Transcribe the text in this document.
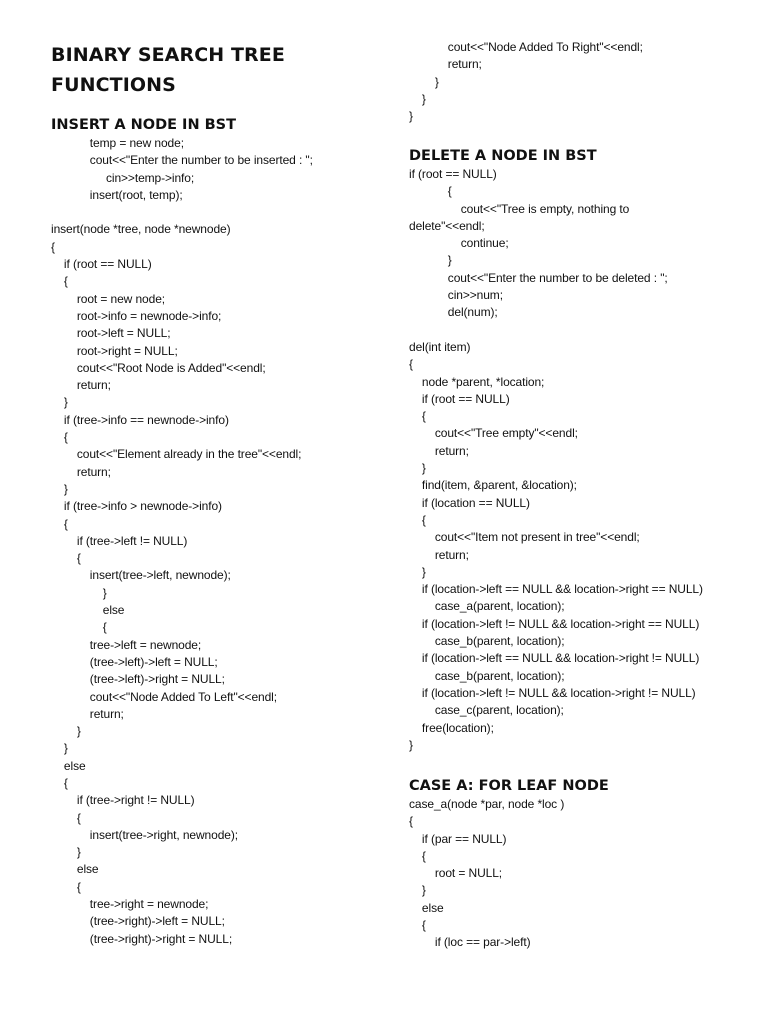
BINARY SEARCH TREE
FUNCTIONS
INSERT A NODE IN BST
temp = new node;
cout<<"Enter the number to be inserted : ";
cin>>temp->info;
insert(root, temp);
insert(node *tree, node *newnode)
{
if (root == NULL)
{
root = new node;
root->info = newnode->info;
root->left = NULL;
root->right = NULL;
cout<<"Root Node is Added"<<endl;
return;
}
if (tree->info == newnode->info)
{
cout<<"Element already in the tree"<<endl;
return;
}
if (tree->info > newnode->info)
{
if (tree->left != NULL)
{
insert(tree->left, newnode);
}
else
{
tree->left = newnode;
(tree->left)->left = NULL;
(tree->left)->right = NULL;
cout<<"Node Added To Left"<<endl;
return;
}
}
else
{
if (tree->right != NULL)
{
insert(tree->right, newnode);
}
else
{
tree->right = newnode;
(tree->right)->left = NULL;
(tree->right)->right = NULL;
cout<<"Node Added To Right"<<endl;
return;
}
}
}
DELETE A NODE IN BST
if (root == NULL)
{
cout<<"Tree is empty, nothing to
delete"<<endl;
continue;
}
cout<<"Enter the number to be deleted : ";
cin>>num;
del(num);
del(int item)
{
node *parent, *location;
if (root == NULL)
{
cout<<"Tree empty"<<endl;
return;
}
find(item, &parent, &location);
if (location == NULL)
{
cout<<"Item not present in tree"<<endl;
return;
}
if (location->left == NULL && location->right == NULL)
case_a(parent, location);
if (location->left != NULL && location->right == NULL)
case_b(parent, location);
if (location->left == NULL && location->right != NULL)
case_b(parent, location);
if (location->left != NULL && location->right != NULL)
case_c(parent, location);
free(location);
}
CASE A: FOR LEAF NODE
case_a(node *par, node *loc )
{
if (par == NULL)
{
root = NULL;
}
else
{
if (loc == par->left)
